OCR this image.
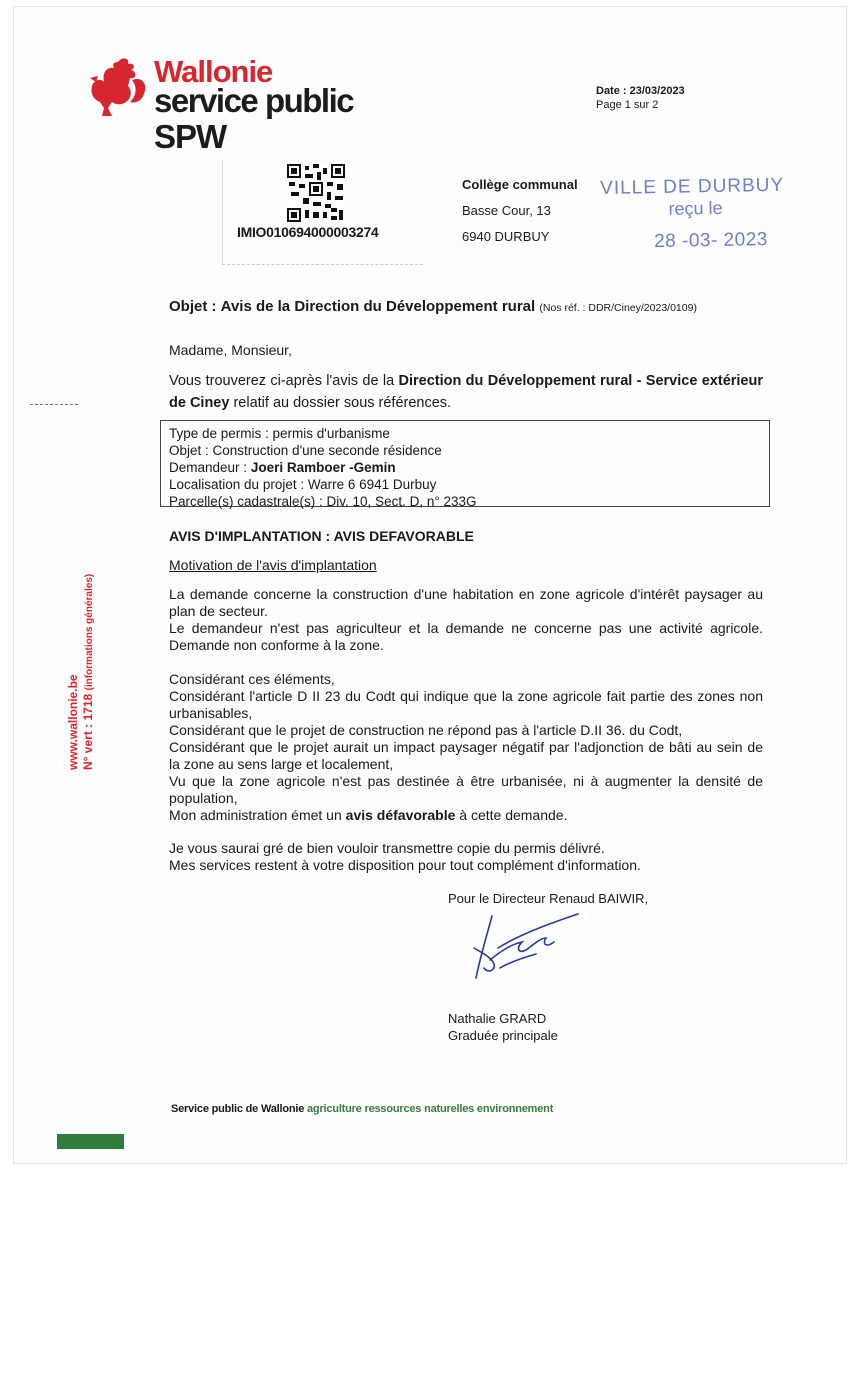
Wallonie
service public
SPW
Date : 23/03/2023
Page 1 sur 2
IMIO010694000003274
Collège communal
Basse Cour, 13
6940 DURBUY
VILLE DE DURBUY
reçu le
28 -03- 2023
Objet : Avis de la Direction du Développement rural (Nos réf. : DDR/Ciney/2023/0109)
Madame, Monsieur,
Vous trouverez ci-après l'avis de la Direction du Développement rural - Service extérieur de Ciney relatif au dossier sous références.
Type de permis : permis d'urbanisme
Objet : Construction d'une seconde résidence
Demandeur : Joeri Ramboer -Gemin
Localisation du projet : Warre 6 6941 Durbuy
Parcelle(s) cadastrale(s) : Div. 10, Sect. D, n° 233G
AVIS D'IMPLANTATION : AVIS DEFAVORABLE
Motivation de l'avis d'implantation
La demande concerne la construction d'une habitation en zone agricole d'intérêt paysager au plan de secteur.
Le demandeur n'est pas agriculteur et la demande ne concerne pas une activité agricole. Demande non conforme à la zone.
Considérant ces éléments,
Considérant l'article D II 23 du Codt qui indique que la zone agricole fait partie des zones non urbanisables,
Considérant que le projet de construction ne répond pas à l'article D.II 36. du Codt,
Considérant que le projet aurait un impact paysager négatif par l'adjonction de bâti au sein de la zone au sens large et localement,
Vu que la zone agricole n'est pas destinée à être urbanisée, ni à augmenter la densité de population,
Mon administration émet un avis défavorable à cette demande.
Je vous saurai gré de bien vouloir transmettre copie du permis délivré.
Mes services restent à votre disposition pour tout complément d'information.
Pour le Directeur Renaud BAIWIR,
Nathalie GRARD
Graduée principale
www.wallonie.be N° vert : 1718 (informations générales)
Service public de Wallonie agriculture ressources naturelles environnement
